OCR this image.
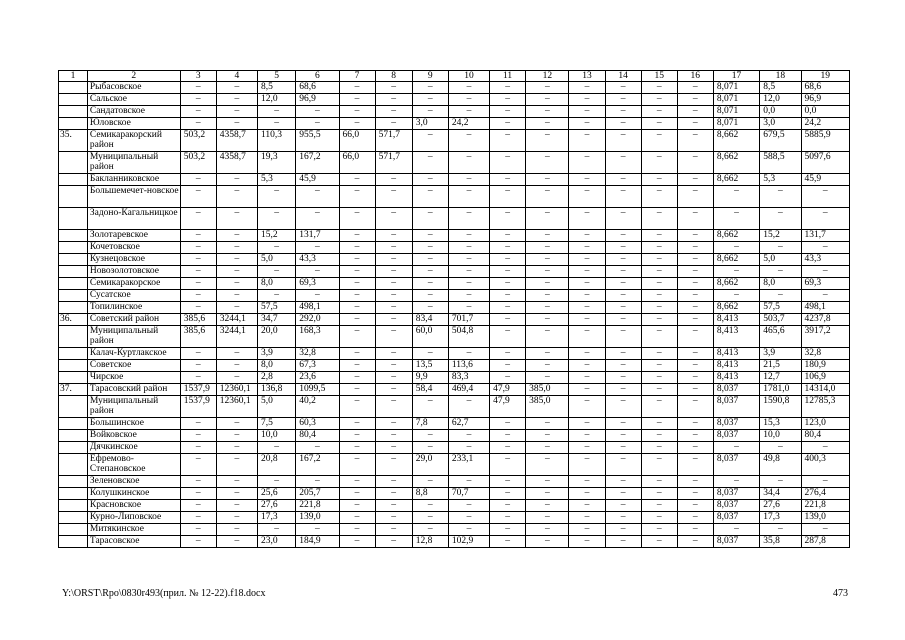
1	2	3	4	5	6	7	8	9	10	11	12	13	14	15	16	17	18	19
	Рыбасовское	–	–	8,5	68,6	–	–	–	–	–	–	–	–	–	–	8,071	8,5	68,6
	Сальское	–	–	12,0	96,9	–	–	–	–	–	–	–	–	–	–	8,071	12,0	96,9
	Сандатовское	–	–	–	–	–	–	–	–	–	–	–	–	–	–	8,071	0,0	0,0
	Юловское	–	–	–	–	–	–	3,0	24,2	–	–	–	–	–	–	8,071	3,0	24,2
35.	Семикаракорский район	503,2	4358,7	110,3	955,5	66,0	571,7	–	–	–	–	–	–	–	–	8,662	679,5	5885,9
	Муниципальный район	503,2	4358,7	19,3	167,2	66,0	571,7	–	–	–	–	–	–	–	–	8,662	588,5	5097,6
	Бакланниковское	–	–	5,3	45,9	–	–	–	–	–	–	–	–	–	–	8,662	5,3	45,9
	Большемечет-новское	–	–	–	–	–	–	–	–	–	–	–	–	–	–	–	–	–
	Задоно-Кагальницкое	–	–	–	–	–	–	–	–	–	–	–	–	–	–	–	–	–
	Золотаревское	–	–	15,2	131,7	–	–	–	–	–	–	–	–	–	–	8,662	15,2	131,7
	Кочетовское	–	–	–	–	–	–	–	–	–	–	–	–	–	–	–	–	–
	Кузнецовское	–	–	5,0	43,3	–	–	–	–	–	–	–	–	–	–	8,662	5,0	43,3
	Новозолотовское	–	–	–	–	–	–	–	–	–	–	–	–	–	–	–	–	–
	Семикаракорское	–	–	8,0	69,3	–	–	–	–	–	–	–	–	–	–	8,662	8,0	69,3
	Сусатское	–	–	–	–	–	–	–	–	–	–	–	–	–	–	–	–	–
	Топилинское	–	–	57,5	498,1	–	–	–	–	–	–	–	–	–	–	8,662	57,5	498,1
36.	Советский район	385,6	3244,1	34,7	292,0	–	–	83,4	701,7	–	–	–	–	–	–	8,413	503,7	4237,8
	Муниципальный район	385,6	3244,1	20,0	168,3	–	–	60,0	504,8	–	–	–	–	–	–	8,413	465,6	3917,2
	Калач-Куртлакское	–	–	3,9	32,8	–	–	–	–	–	–	–	–	–	–	8,413	3,9	32,8
	Советское	–	–	8,0	67,3	–	–	13,5	113,6	–	–	–	–	–	–	8,413	21,5	180,9
	Чирское	–	–	2,8	23,6	–	–	9,9	83,3	–	–	–	–	–	–	8,413	12,7	106,9
37.	Тарасовский район	1537,9	12360,1	136,8	1099,5	–	–	58,4	469,4	47,9	385,0	–	–	–	–	8,037	1781,0	14314,0
	Муниципальный район	1537,9	12360,1	5,0	40,2	–	–	–	–	47,9	385,0	–	–	–	–	8,037	1590,8	12785,3
	Большинское	–	–	7,5	60,3	–	–	7,8	62,7	–	–	–	–	–	–	8,037	15,3	123,0
	Войковское	–	–	10,0	80,4	–	–	–	–	–	–	–	–	–	–	8,037	10,0	80,4
	Дячкинское	–	–	–	–	–	–	–	–	–	–	–	–	–	–	–	–	–
	Ефремово-Степановское	–	–	20,8	167,2	–	–	29,0	233,1	–	–	–	–	–	–	8,037	49,8	400,3
	Зеленовское	–	–	–	–	–	–	–	–	–	–	–	–	–	–	–	–	–
	Колушкинское	–	–	25,6	205,7	–	–	8,8	70,7	–	–	–	–	–	–	8,037	34,4	276,4
	Красновское	–	–	27,6	221,8	–	–	–	–	–	–	–	–	–	–	8,037	27,6	221,8
	Курно-Липовское	–	–	17,3	139,0	–	–	–	–	–	–	–	–	–	–	8,037	17,3	139,0
	Митякинское	–	–	–	–	–	–	–	–	–	–	–	–	–	–	–	–	–
	Тарасовское	–	–	23,0	184,9	–	–	12,8	102,9	–	–	–	–	–	–	8,037	35,8	287,8
Y:\ORST\Rpo\0830r493(прил. № 12-22).f18.docx	473
